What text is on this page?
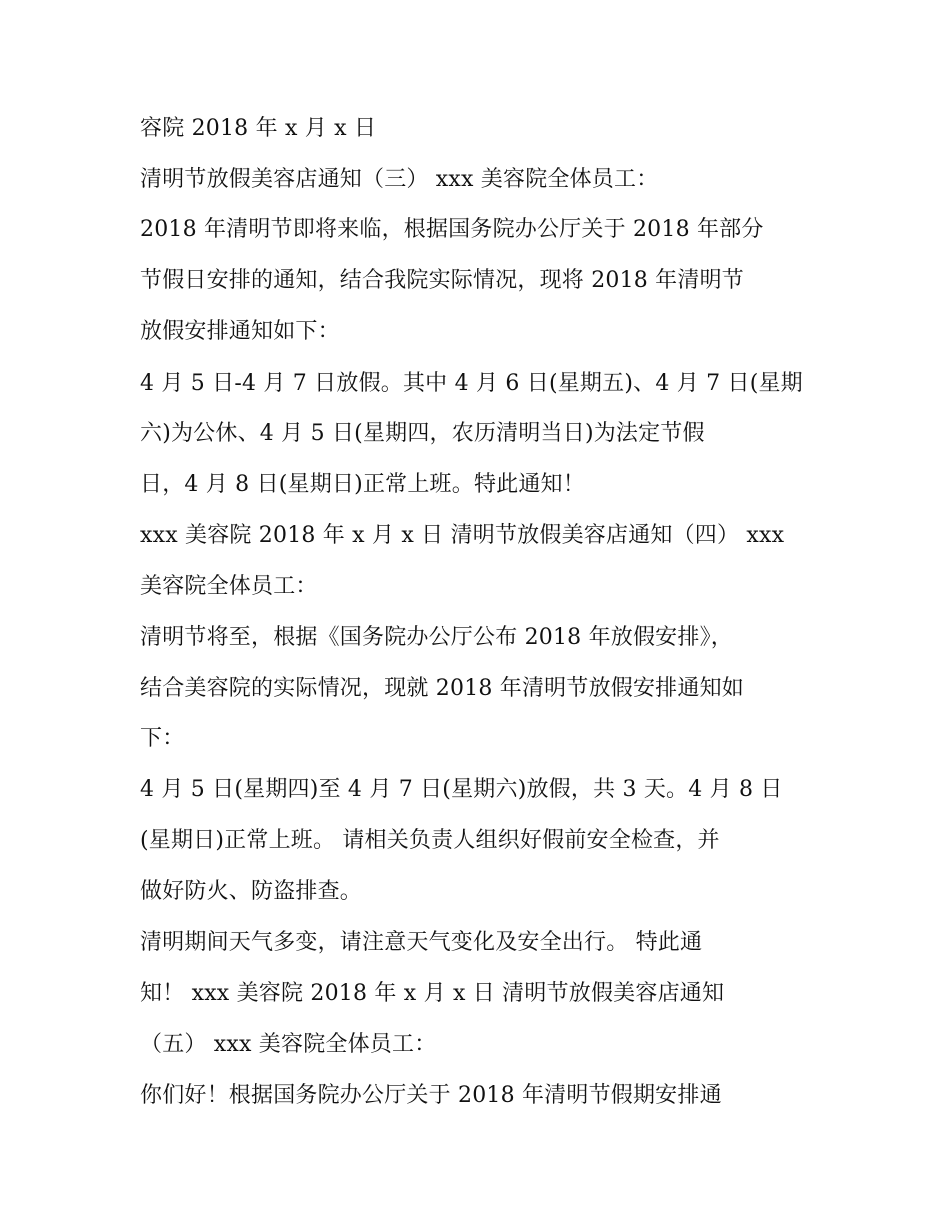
容院 2018 年 x 月 x 日
清明节放假美容店通知（三） xxx 美容院全体员工：
2018 年清明节即将来临，根据国务院办公厅关于 2018 年部分
节假日安排的通知，结合我院实际情况，现将 2018 年清明节
放假安排通知如下：
4 月 5 日-4 月 7 日放假。其中 4 月 6 日(星期五)、4 月 7 日(星期
六)为公休、4 月 5 日(星期四，农历清明当日)为法定节假
日，4 月 8 日(星期日)正常上班。特此通知！
xxx 美容院 2018 年 x 月 x 日 清明节放假美容店通知（四） xxx
美容院全体员工：
清明节将至，根据《国务院办公厅公布 2018 年放假安排》，
结合美容院的实际情况，现就 2018 年清明节放假安排通知如
下：
4 月 5 日(星期四)至 4 月 7 日(星期六)放假，共 3 天。4 月 8 日
(星期日)正常上班。 请相关负责人组织好假前安全检查，并
做好防火、防盗排查。
清明期间天气多变，请注意天气变化及安全出行。 特此通
知！ xxx 美容院 2018 年 x 月 x 日 清明节放假美容店通知
（五） xxx 美容院全体员工：
你们好！根据国务院办公厅关于 2018 年清明节假期安排通
